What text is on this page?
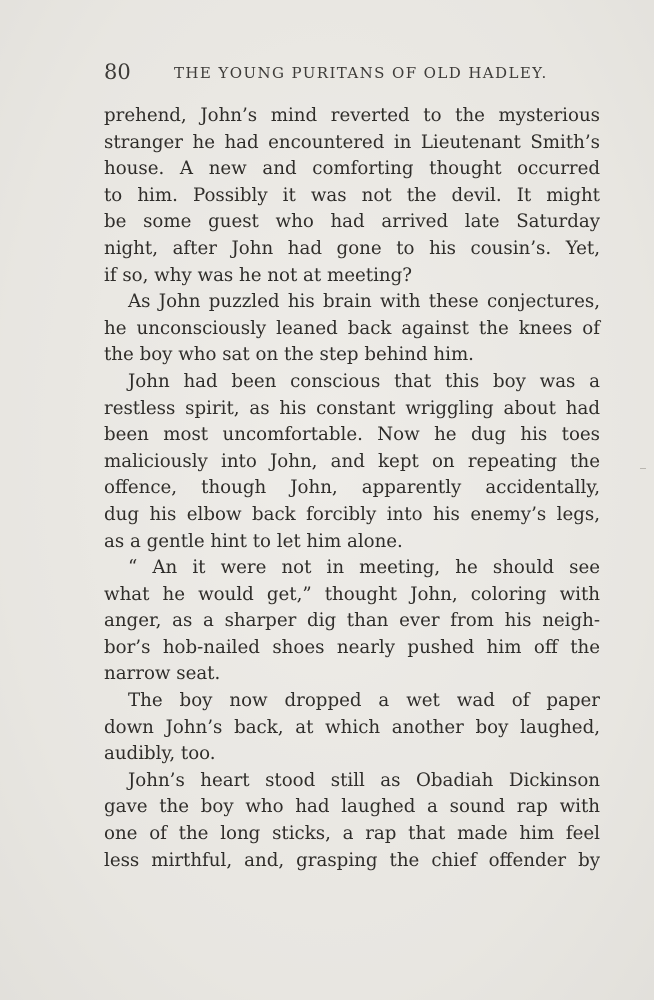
80	THE YOUNG PURITANS OF OLD HADLEY.
prehend, John’s mind reverted to the mysterious
stranger he had encountered in Lieutenant Smith’s
house. A new and comforting thought occurred
to him. Possibly it was not the devil. It might
be some guest who had arrived late Saturday
night, after John had gone to his cousin’s. Yet,
if so, why was he not at meeting?
As John puzzled his brain with these conjectures,
he unconsciously leaned back against the knees of
the boy who sat on the step behind him.
John had been conscious that this boy was a
restless spirit, as his constant wriggling about had
been most uncomfortable. Now he dug his toes
maliciously into John, and kept on repeating the
offence, though John, apparently accidentally,
dug his elbow back forcibly into his enemy’s legs,
as a gentle hint to let him alone.
“ An it were not in meeting, he should see
what he would get,” thought John, coloring with
anger, as a sharper dig than ever from his neigh-
bor’s hob-nailed shoes nearly pushed him off the
narrow seat.
The boy now dropped a wet wad of paper
down John’s back, at which another boy laughed,
audibly, too.
John’s heart stood still as Obadiah Dickinson
gave the boy who had laughed a sound rap with
one of the long sticks, a rap that made him feel
less mirthful, and, grasping the chief offender by
